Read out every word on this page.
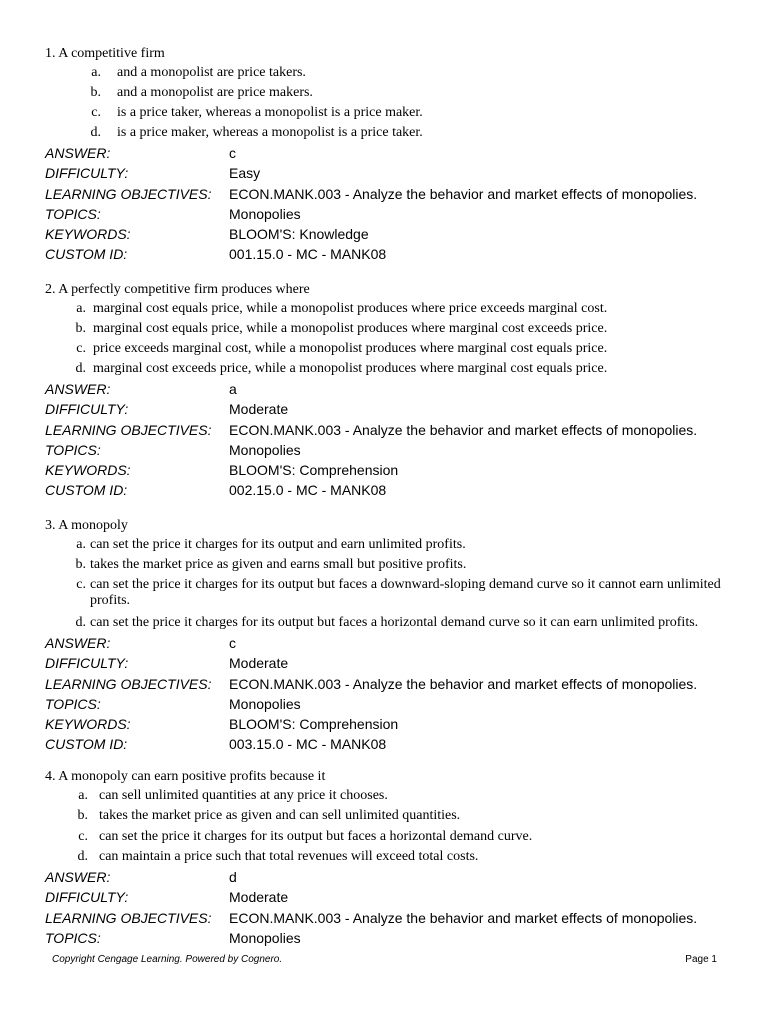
1. A competitive firm
a.	and a monopolist are price takers.
b.	and a monopolist are price makers.
c.	is a price taker, whereas a monopolist is a price maker.
d.	is a price maker, whereas a monopolist is a price taker.
ANSWER:	c
DIFFICULTY:	Easy
LEARNING OBJECTIVES:	ECON.MANK.003 - Analyze the behavior and market effects of monopolies.
TOPICS:	Monopolies
KEYWORDS:	BLOOM'S: Knowledge
CUSTOM ID:	001.15.0 - MC - MANK08
2. A perfectly competitive firm produces where
a. marginal cost equals price, while a monopolist produces where price exceeds marginal cost.
b. marginal cost equals price, while a monopolist produces where marginal cost exceeds price.
c. price exceeds marginal cost, while a monopolist produces where marginal cost equals price.
d. marginal cost exceeds price, while a monopolist produces where marginal cost equals price.
ANSWER:	a
DIFFICULTY:	Moderate
LEARNING OBJECTIVES:	ECON.MANK.003 - Analyze the behavior and market effects of monopolies.
TOPICS:	Monopolies
KEYWORDS:	BLOOM'S: Comprehension
CUSTOM ID:	002.15.0 - MC - MANK08
3. A monopoly
a. can set the price it charges for its output and earn unlimited profits.
b. takes the market price as given and earns small but positive profits.
c. can set the price it charges for its output but faces a downward-sloping demand curve so it cannot earn unlimited profits.
d. can set the price it charges for its output but faces a horizontal demand curve so it can earn unlimited profits.
ANSWER:	c
DIFFICULTY:	Moderate
LEARNING OBJECTIVES:	ECON.MANK.003 - Analyze the behavior and market effects of monopolies.
TOPICS:	Monopolies
KEYWORDS:	BLOOM'S: Comprehension
CUSTOM ID:	003.15.0 - MC - MANK08
4. A monopoly can earn positive profits because it
a. can sell unlimited quantities at any price it chooses.
b. takes the market price as given and can sell unlimited quantities.
c. can set the price it charges for its output but faces a horizontal demand curve.
d. can maintain a price such that total revenues will exceed total costs.
ANSWER:	d
DIFFICULTY:	Moderate
LEARNING OBJECTIVES:	ECON.MANK.003 - Analyze the behavior and market effects of monopolies.
TOPICS:	Monopolies
Copyright Cengage Learning. Powered by Cognero.	Page 1
